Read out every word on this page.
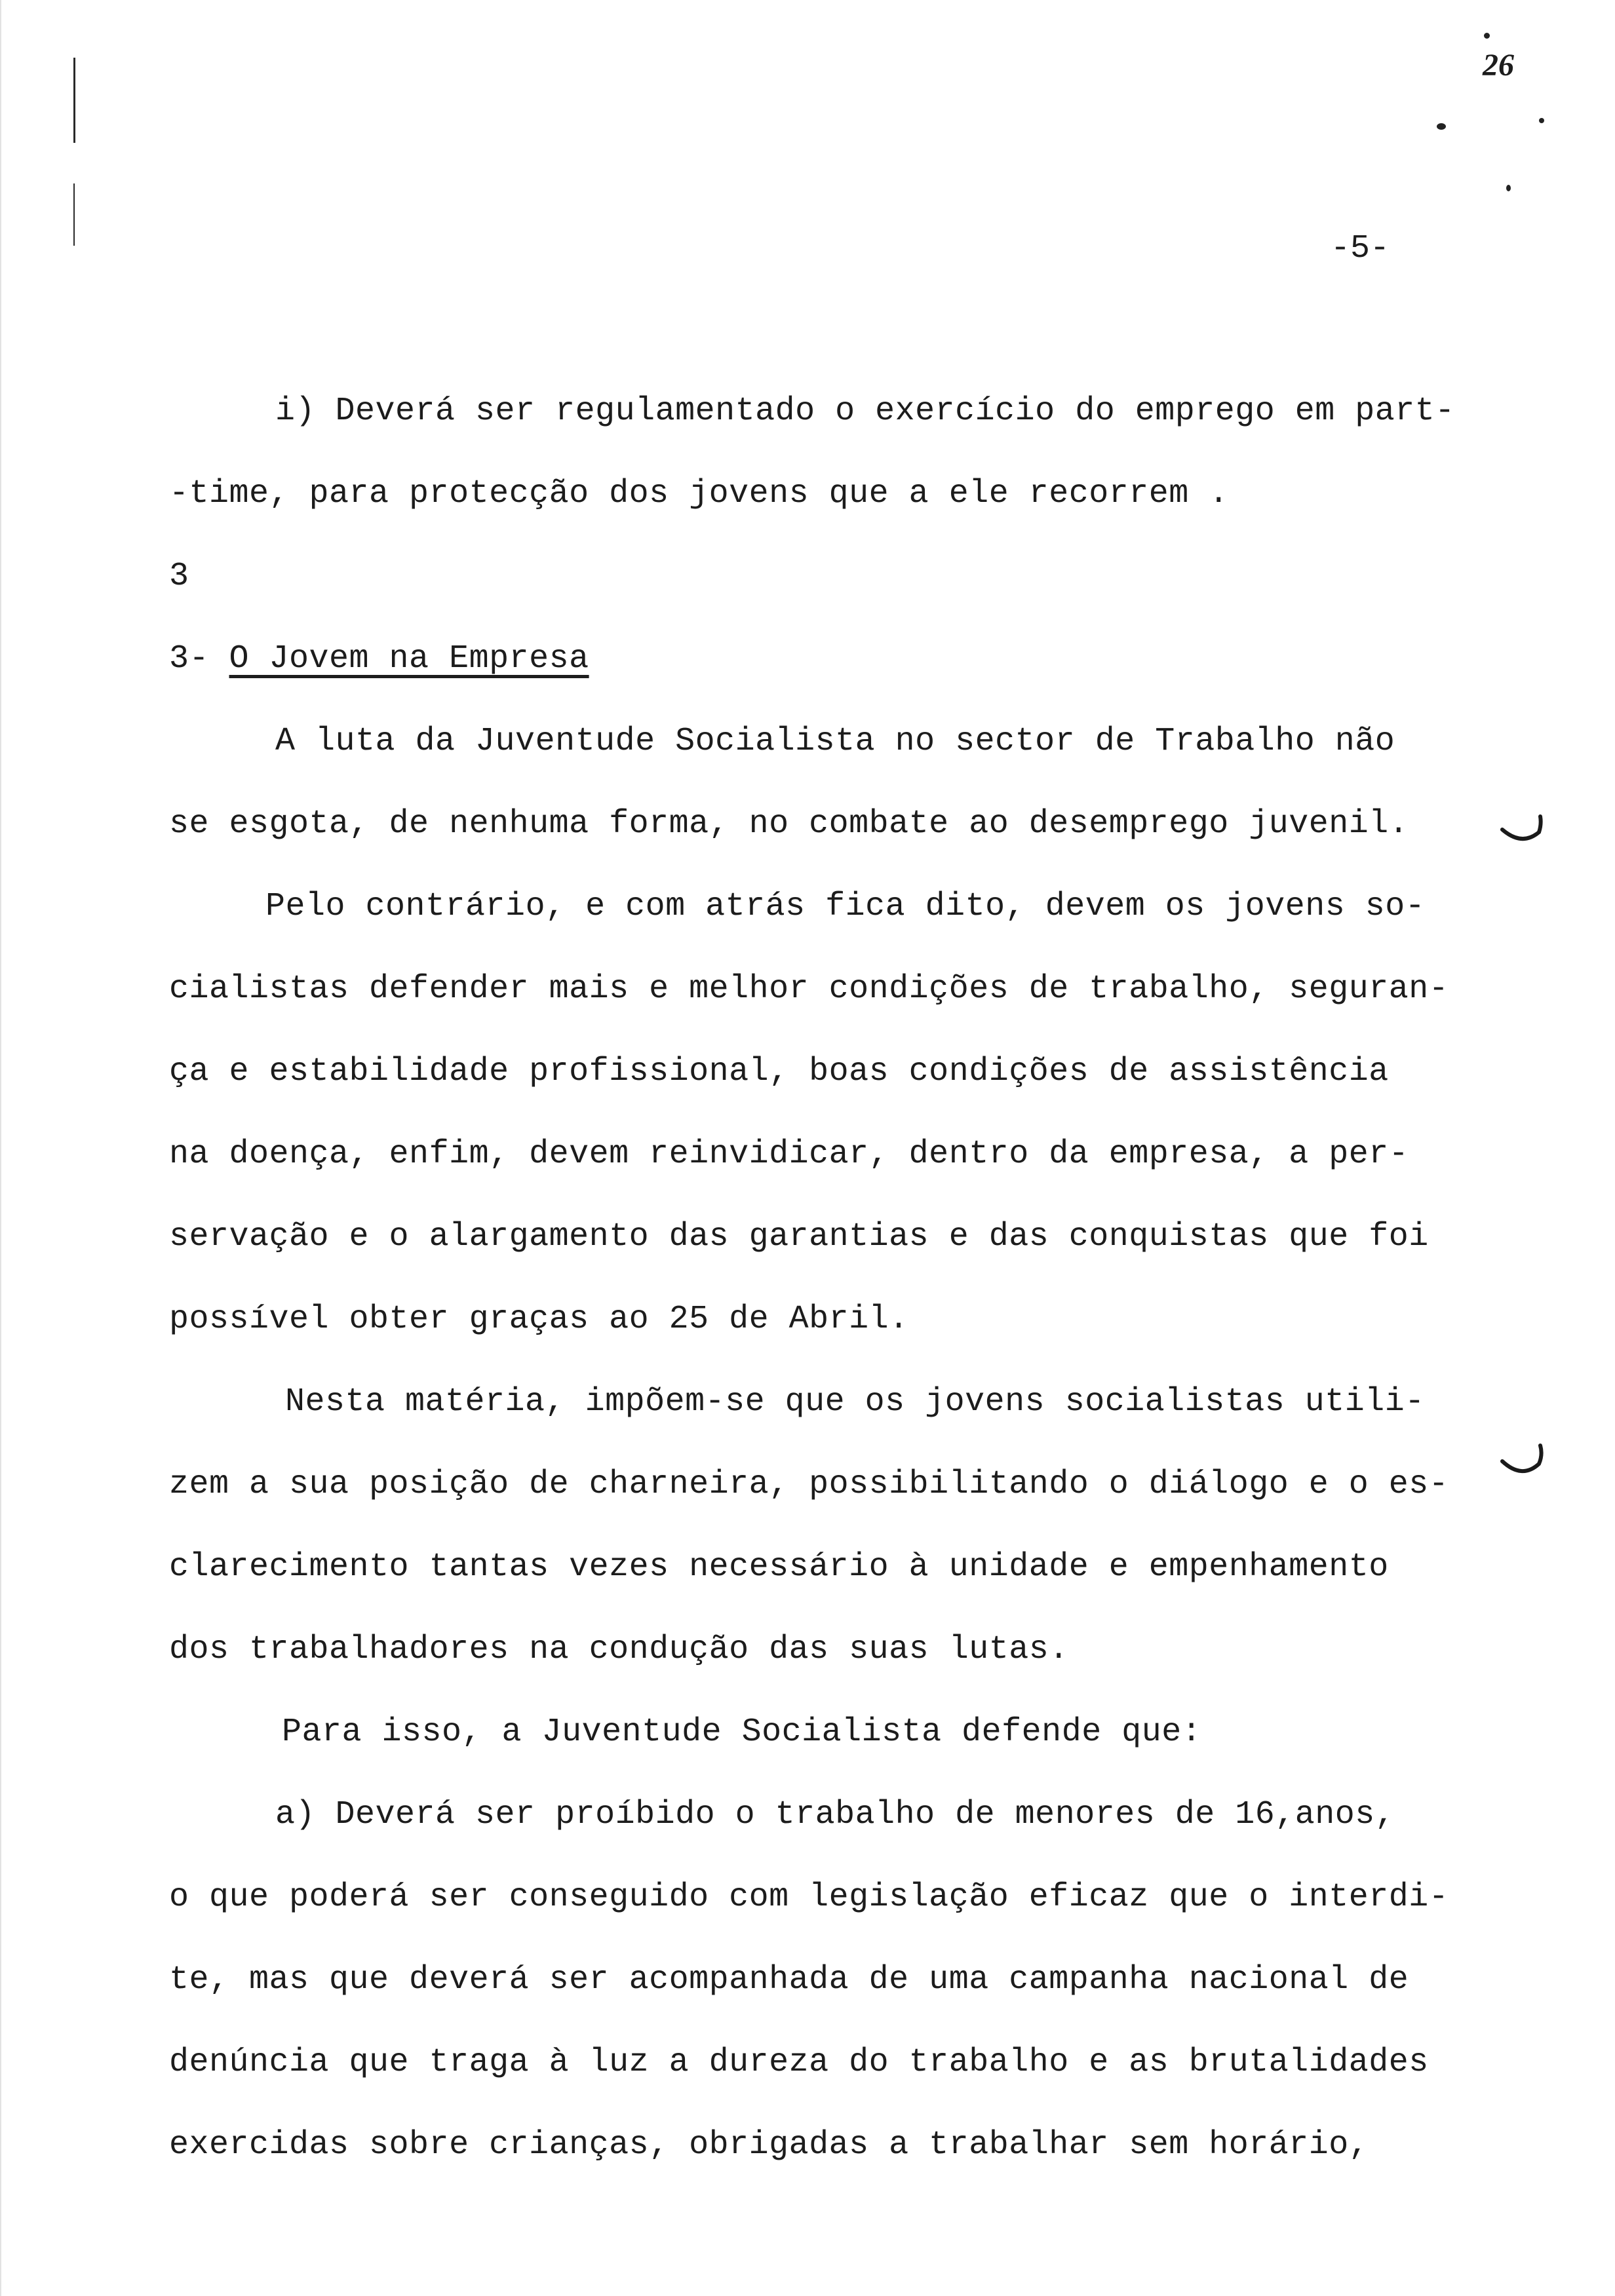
26

-5-

i) Deverá ser regulamentado o exercício do emprego em part-

-time, para protecção dos jovens que a ele recorrem .

3

3- O Jovem na Empresa

A luta da Juventude Socialista no sector de Trabalho não

se esgota, de nenhuma forma, no combate ao desemprego juvenil.

Pelo contrário, e com atrás fica dito, devem os jovens so-

cialistas defender mais e melhor condições de trabalho, seguran-

ça e estabilidade profissional, boas condições de assistência

na doença, enfim, devem reinvidicar, dentro da empresa, a per-

servação e o alargamento das garantias e das conquistas que foi

possível obter graças ao 25 de Abril.

Nesta matéria, impõem-se que os jovens socialistas utili-

zem a sua posição de charneira, possibilitando o diálogo e o es-

clarecimento tantas vezes necessário à unidade e empenhamento

dos trabalhadores na condução das suas lutas.

Para isso, a Juventude Socialista defende que:

a) Deverá ser proíbido o trabalho de menores de 16,anos,

o que poderá ser conseguido com legislação eficaz que o interdi-

te, mas que deverá ser acompanhada de uma campanha nacional de

denúncia que traga à luz a dureza do trabalho e as brutalidades

exercidas sobre crianças, obrigadas a trabalhar sem horário,
